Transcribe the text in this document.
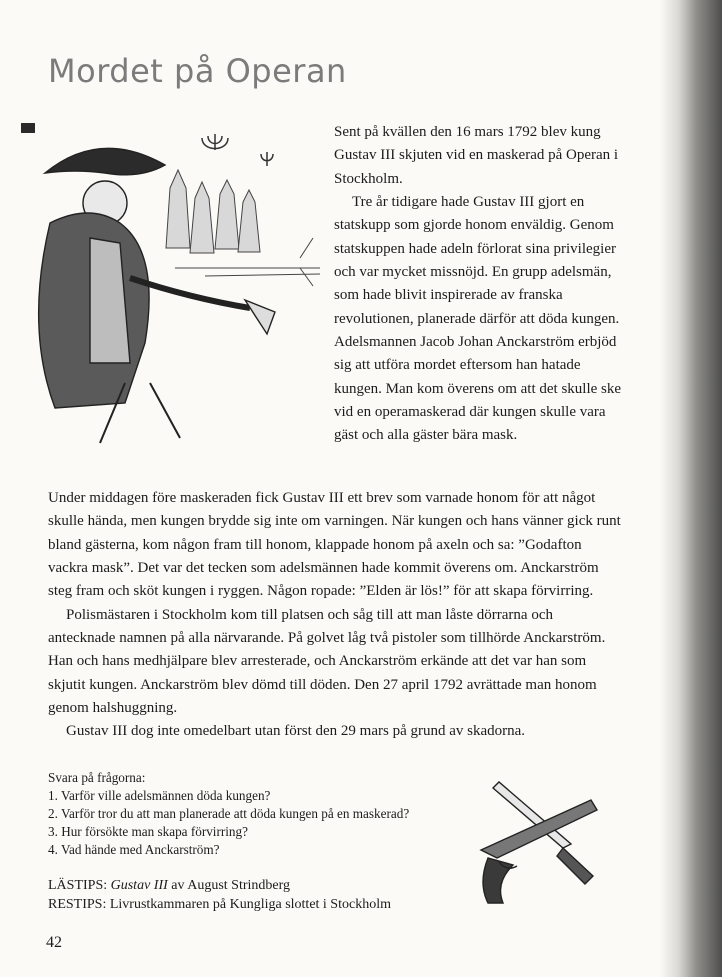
Mordet på Operan

Sent på kvällen den 16 mars 1792 blev kung Gustav III skjuten vid en maskerad på Operan i Stockholm.

Tre år tidigare hade Gustav III gjort en statskupp som gjorde honom enväldig. Genom statskuppen hade adeln förlorat sina privilegier och var mycket missnöjd. En grupp adelsmän, som hade blivit inspirerade av franska revolutionen, planerade därför att döda kungen. Adelsmannen Jacob Johan Anckarström erbjöd sig att utföra mordet eftersom han hatade kungen. Man kom överens om att det skulle ske vid en operamaskerad där kungen skulle vara gäst och alla gäster bära mask.

Under middagen före maskeraden fick Gustav III ett brev som varnade honom för att något skulle hända, men kungen brydde sig inte om varningen. När kungen och hans vänner gick runt bland gästerna, kom någon fram till honom, klappade honom på axeln och sa: ”Godafton vackra mask”. Det var det tecken som adelsmännen hade kommit överens om. Anckarström steg fram och sköt kungen i ryggen. Någon ropade: ”Elden är lös!” för att skapa förvirring.

Polismästaren i Stockholm kom till platsen och såg till att man låste dörrarna och antecknade namnen på alla närvarande. På golvet låg två pistoler som tillhörde Anckarström. Han och hans medhjälpare blev arresterade, och Anckarström erkände att det var han som skjutit kungen. Anckarström blev dömd till döden. Den 27 april 1792 avrättade man honom genom halshuggning.

Gustav III dog inte omedelbart utan först den 29 mars på grund av skadorna.

Svara på frågorna:
1. Varför ville adelsmännen döda kungen?
2. Varför tror du att man planerade att döda kungen på en maskerad?
3. Hur försökte man skapa förvirring?
4. Vad hände med Anckarström?
LÄSTIPS: Gustav III av August Strindberg
RESTIPS: Livrustkammaren på Kungliga slottet i Stockholm
42
